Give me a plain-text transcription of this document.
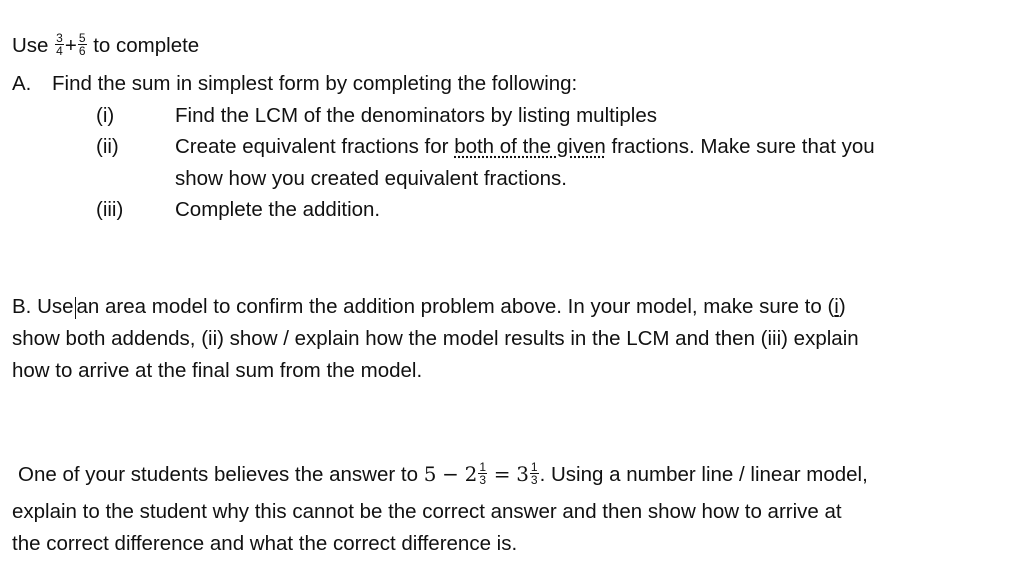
Use $\frac{3}{4} + \frac{5}{6}$ to complete
A. Find the sum in simplest form by completing the following:
(i)	Find the LCM of the denominators by listing multiples
(ii)	Create equivalent fractions for both of the given fractions. Make sure that you
show how you created equivalent fractions.
(iii)	Complete the addition.
B. Use an area model to confirm the addition problem above. In your model, make sure to (i)
show both addends, (ii) show / explain how the model results in the LCM and then (iii) explain
how to arrive at the final sum from the model.
One of your students believes the answer to $5 - 2 \frac{1}{3} = 3 \frac{1}{3}$ . Using a number line / linear model,
explain to the student why this cannot be the correct answer and then show how to arrive at
the correct difference and what the correct difference is.
